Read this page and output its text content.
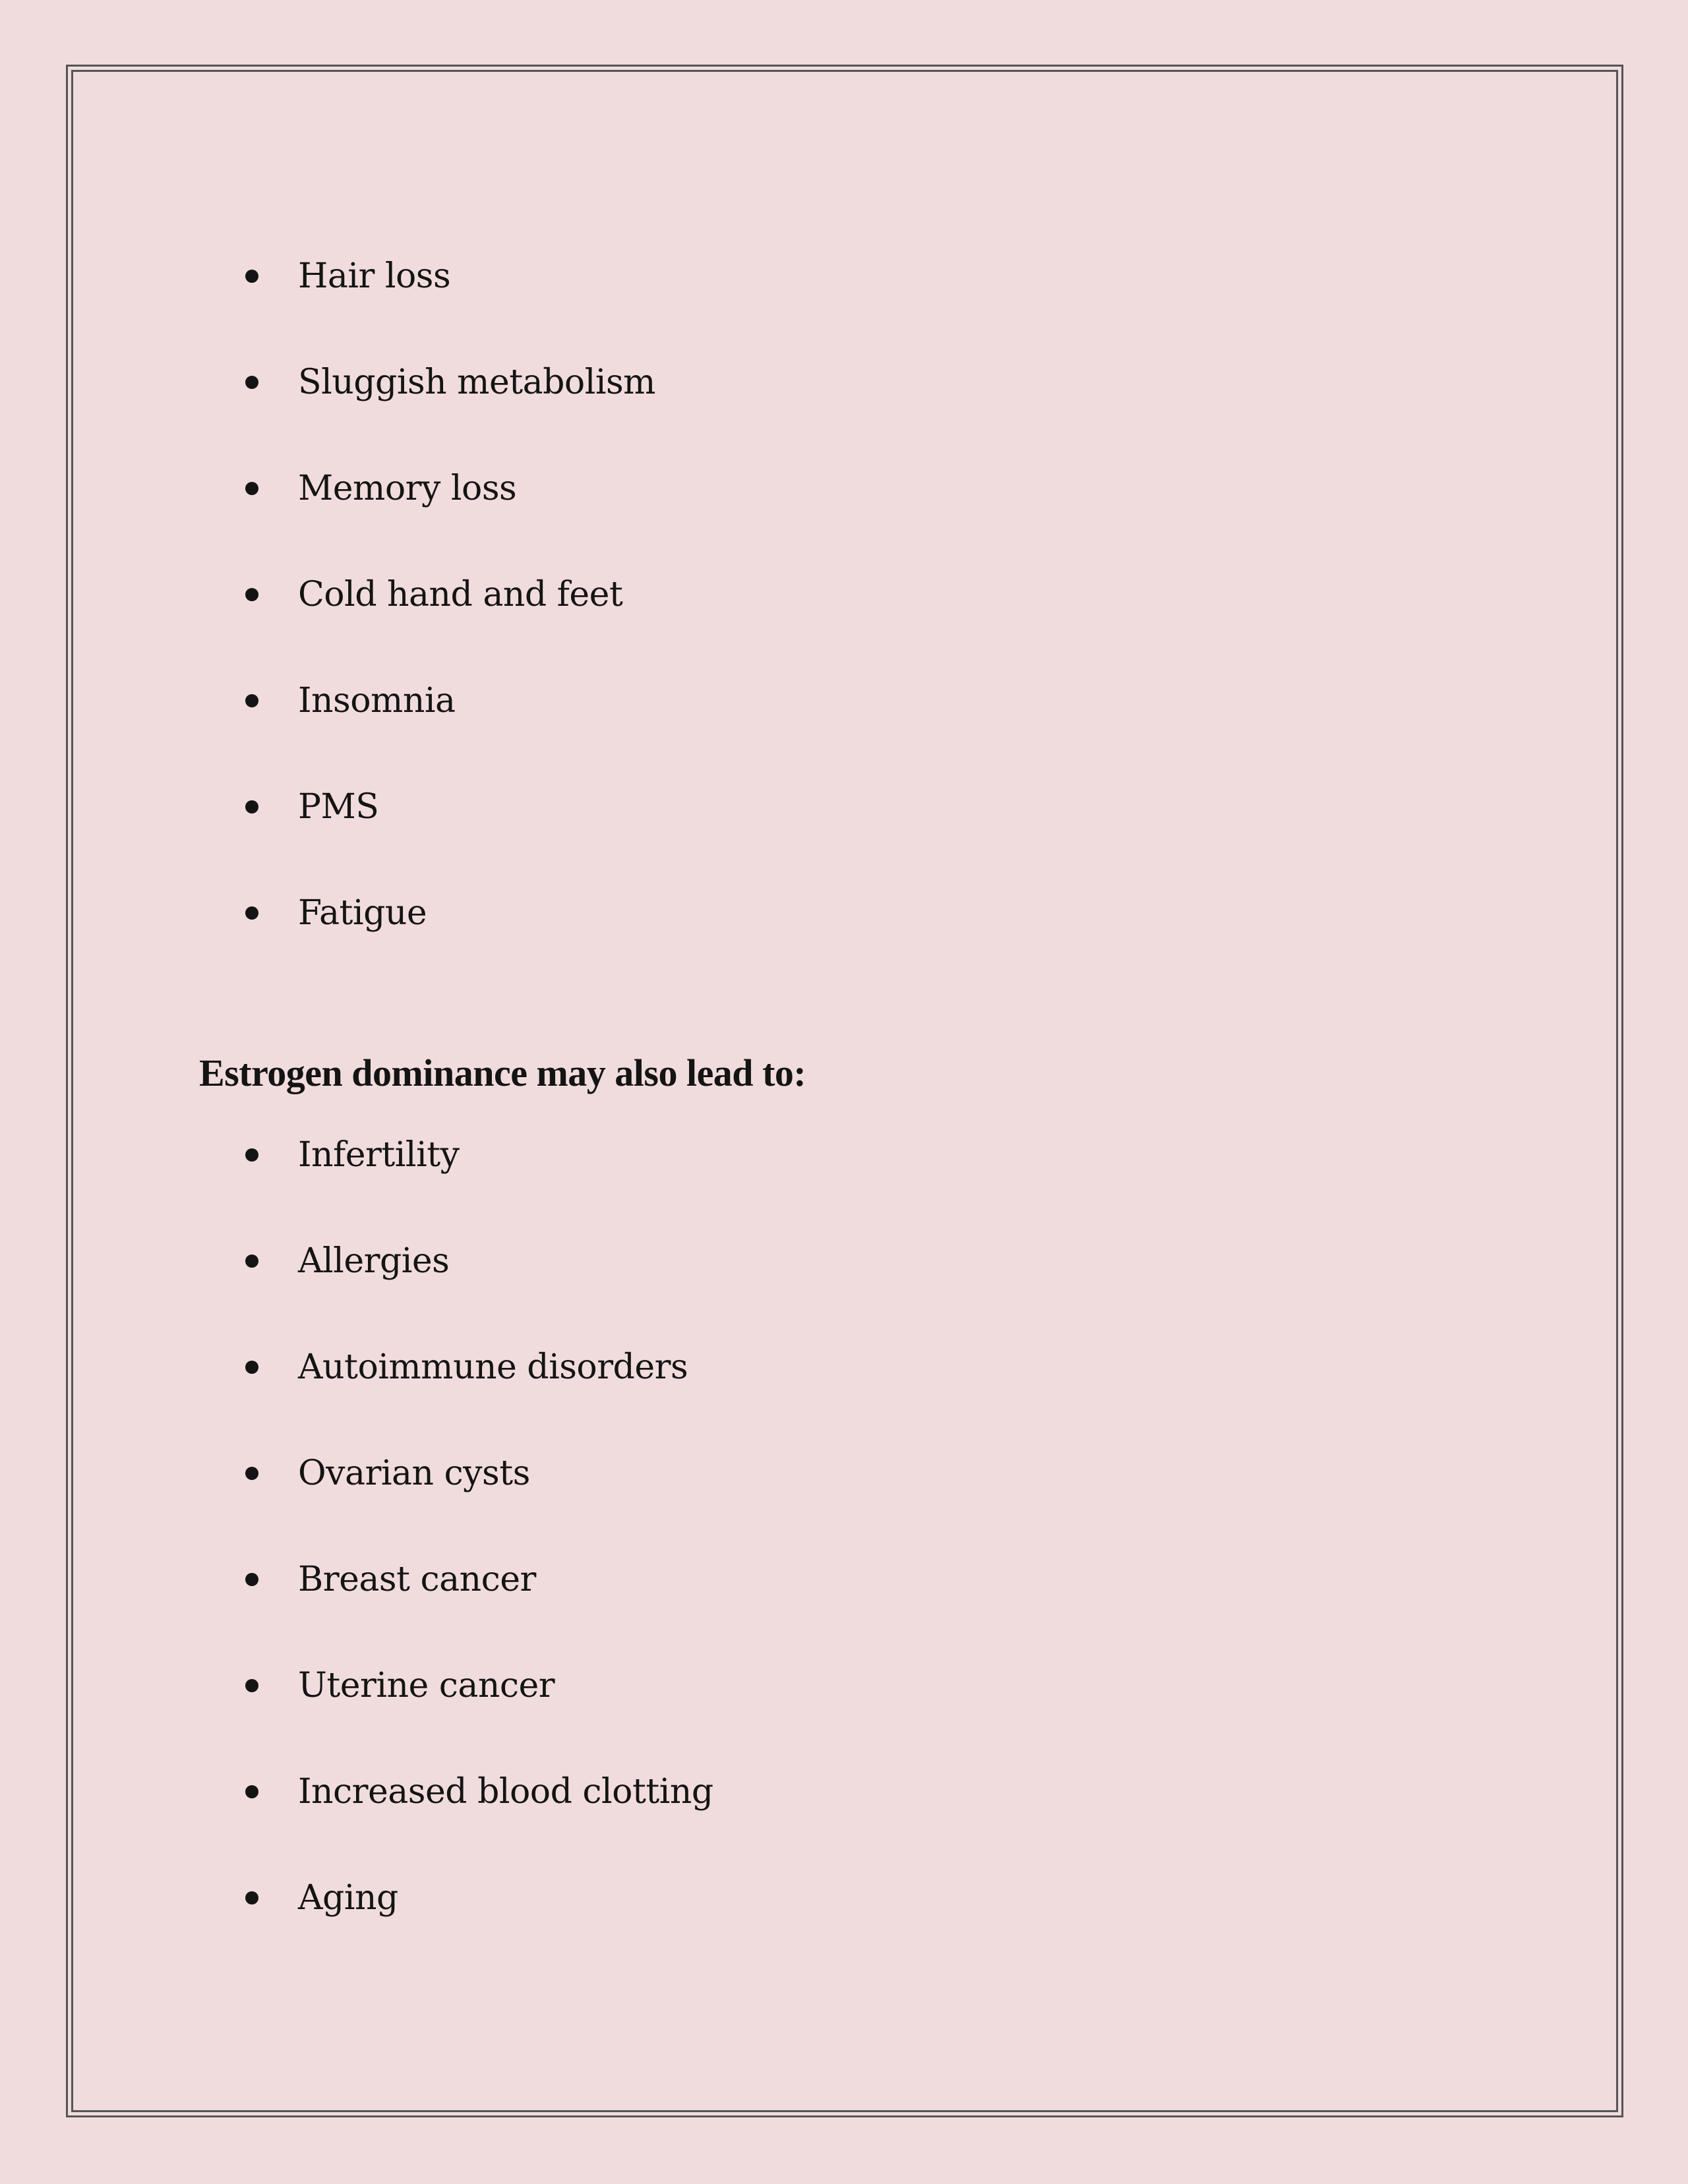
Hair loss
Sluggish metabolism
Memory loss
Cold hand and feet
Insomnia
PMS
Fatigue
Estrogen dominance may also lead to:
Infertility
Allergies
Autoimmune disorders
Ovarian cysts
Breast cancer
Uterine cancer
Increased blood clotting
Aging
